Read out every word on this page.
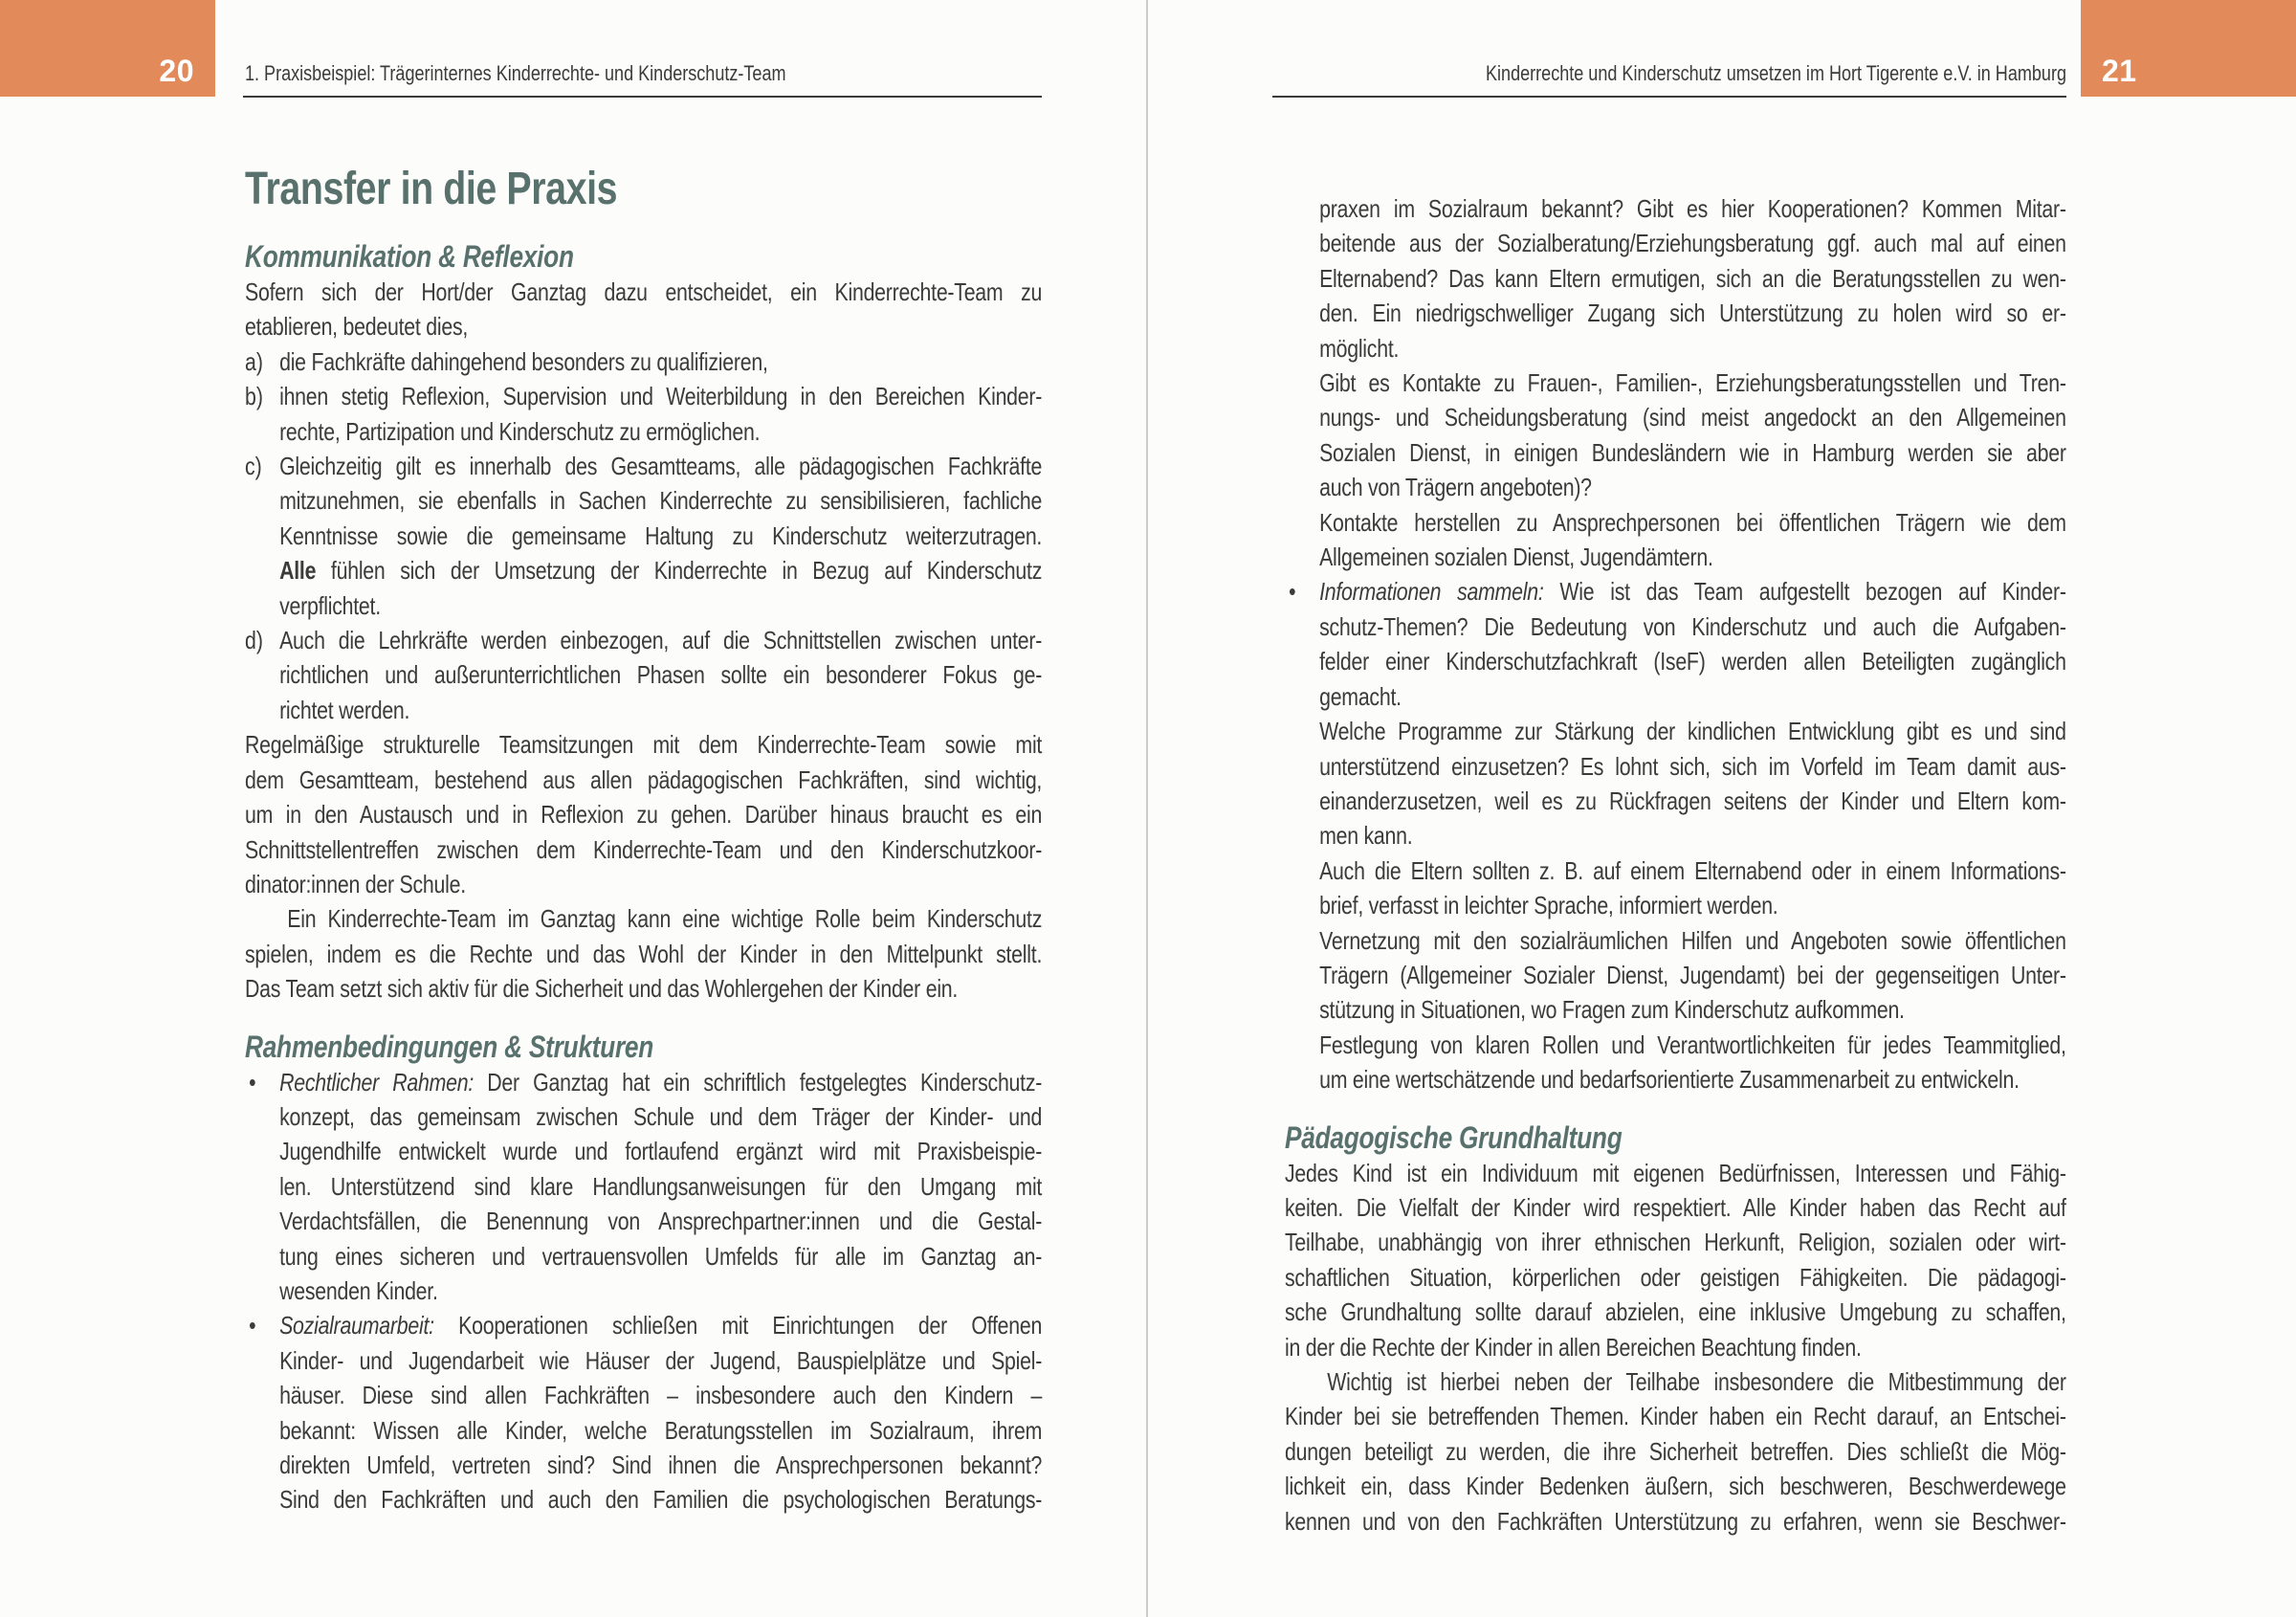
20	21
1. Praxisbeispiel: Trägerinternes Kinderrechte- und Kinderschutz-Team	Kinderrechte und Kinderschutz umsetzen im Hort Tigerente e.V. in Hamburg
Transfer in die Praxis
Kommunikation & Reflexion
Sofern sich der Hort/der Ganztag dazu entscheidet, ein Kinderrechte-Team zu
etablieren, bedeutet dies,
a) die Fachkräfte dahingehend besonders zu qualifizieren,
b) ihnen stetig Reflexion, Supervision und Weiterbildung in den Bereichen Kinder-
rechte, Partizipation und Kinderschutz zu ermöglichen.
c) Gleichzeitig gilt es innerhalb des Gesamtteams, alle pädagogischen Fachkräfte
mitzunehmen, sie ebenfalls in Sachen Kinderrechte zu sensibilisieren, fachliche
Kenntnisse sowie die gemeinsame Haltung zu Kinderschutz weiterzutragen.
Alle fühlen sich der Umsetzung der Kinderrechte in Bezug auf Kinderschutz
verpflichtet.
d) Auch die Lehrkräfte werden einbezogen, auf die Schnittstellen zwischen unter-
richtlichen und außerunterrichtlichen Phasen sollte ein besonderer Fokus ge-
richtet werden.
Regelmäßige strukturelle Teamsitzungen mit dem Kinderrechte-Team sowie mit
dem Gesamtteam, bestehend aus allen pädagogischen Fachkräften, sind wichtig,
um in den Austausch und in Reflexion zu gehen. Darüber hinaus braucht es ein
Schnittstellentreffen zwischen dem Kinderrechte-Team und den Kinderschutzkoor-
dinator:innen der Schule.
Ein Kinderrechte-Team im Ganztag kann eine wichtige Rolle beim Kinderschutz
spielen, indem es die Rechte und das Wohl der Kinder in den Mittelpunkt stellt.
Das Team setzt sich aktiv für die Sicherheit und das Wohlergehen der Kinder ein.
Rahmenbedingungen & Strukturen
• Rechtlicher Rahmen: Der Ganztag hat ein schriftlich festgelegtes Kinderschutz-
konzept, das gemeinsam zwischen Schule und dem Träger der Kinder- und
Jugendhilfe entwickelt wurde und fortlaufend ergänzt wird mit Praxisbeispie-
len. Unterstützend sind klare Handlungsanweisungen für den Umgang mit
Verdachtsfällen, die Benennung von Ansprechpartner:innen und die Gestal-
tung eines sicheren und vertrauensvollen Umfelds für alle im Ganztag an-
wesenden Kinder.
• Sozialraumarbeit: Kooperationen schließen mit Einrichtungen der Offenen
Kinder- und Jugendarbeit wie Häuser der Jugend, Bauspielplätze und Spiel-
häuser. Diese sind allen Fachkräften – insbesondere auch den Kindern –
bekannt: Wissen alle Kinder, welche Beratungsstellen im Sozialraum, ihrem
direkten Umfeld, vertreten sind? Sind ihnen die Ansprechpersonen bekannt?
Sind den Fachkräften und auch den Familien die psychologischen Beratungs-
praxen im Sozialraum bekannt? Gibt es hier Kooperationen? Kommen Mitar-
beitende aus der Sozialberatung/Erziehungsberatung ggf. auch mal auf einen
Elternabend? Das kann Eltern ermutigen, sich an die Beratungsstellen zu wen-
den. Ein niedrigschwelliger Zugang sich Unterstützung zu holen wird so er-
möglicht.
Gibt es Kontakte zu Frauen-, Familien-, Erziehungsberatungsstellen und Tren-
nungs- und Scheidungsberatung (sind meist angedockt an den Allgemeinen
Sozialen Dienst, in einigen Bundesländern wie in Hamburg werden sie aber
auch von Trägern angeboten)?
Kontakte herstellen zu Ansprechpersonen bei öffentlichen Trägern wie dem
Allgemeinen sozialen Dienst, Jugendämtern.
• Informationen sammeln: Wie ist das Team aufgestellt bezogen auf Kinder-
schutz-Themen? Die Bedeutung von Kinderschutz und auch die Aufgaben-
felder einer Kinderschutzfachkraft (IseF) werden allen Beteiligten zugänglich
gemacht.
Welche Programme zur Stärkung der kindlichen Entwicklung gibt es und sind
unterstützend einzusetzen? Es lohnt sich, sich im Vorfeld im Team damit aus-
einanderzusetzen, weil es zu Rückfragen seitens der Kinder und Eltern kom-
men kann.
Auch die Eltern sollten z. B. auf einem Elternabend oder in einem Informations-
brief, verfasst in leichter Sprache, informiert werden.
Vernetzung mit den sozialräumlichen Hilfen und Angeboten sowie öffentlichen
Trägern (Allgemeiner Sozialer Dienst, Jugendamt) bei der gegenseitigen Unter-
stützung in Situationen, wo Fragen zum Kinderschutz aufkommen.
Festlegung von klaren Rollen und Verantwortlichkeiten für jedes Teammitglied,
um eine wertschätzende und bedarfsorientierte Zusammenarbeit zu entwickeln.
Pädagogische Grundhaltung
Jedes Kind ist ein Individuum mit eigenen Bedürfnissen, Interessen und Fähig-
keiten. Die Vielfalt der Kinder wird respektiert. Alle Kinder haben das Recht auf
Teilhabe, unabhängig von ihrer ethnischen Herkunft, Religion, sozialen oder wirt-
schaftlichen Situation, körperlichen oder geistigen Fähigkeiten. Die pädagogi-
sche Grundhaltung sollte darauf abzielen, eine inklusive Umgebung zu schaffen,
in der die Rechte der Kinder in allen Bereichen Beachtung finden.
Wichtig ist hierbei neben der Teilhabe insbesondere die Mitbestimmung der
Kinder bei sie betreffenden Themen. Kinder haben ein Recht darauf, an Entschei-
dungen beteiligt zu werden, die ihre Sicherheit betreffen. Dies schließt die Mög-
lichkeit ein, dass Kinder Bedenken äußern, sich beschweren, Beschwerdewege
kennen und von den Fachkräften Unterstützung zu erfahren, wenn sie Beschwer-
